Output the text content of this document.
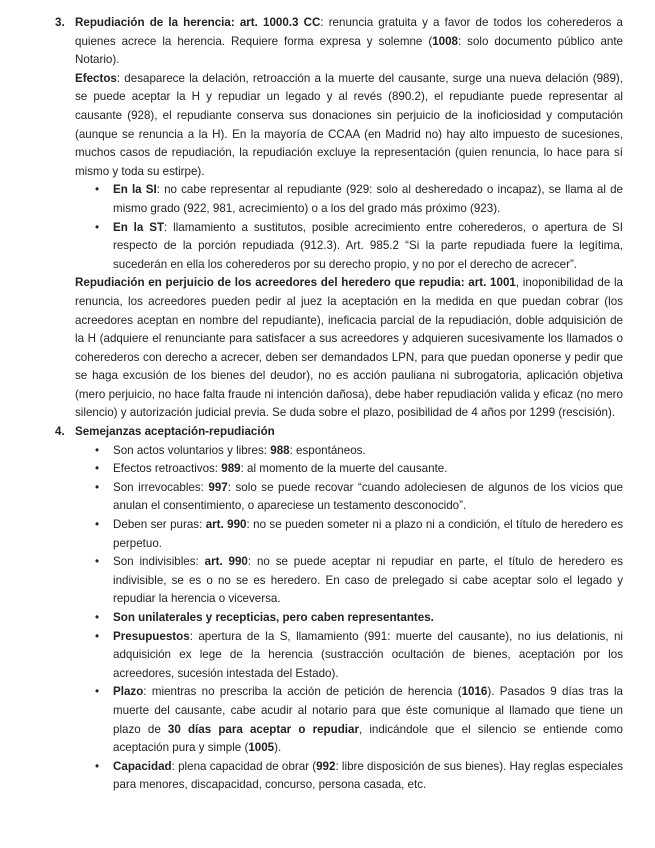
3. Repudiación de la herencia: art. 1000.3 CC: renuncia gratuita y a favor de todos los coherederos a quienes acrece la herencia. Requiere forma expresa y solemne (1008: solo documento público ante Notario).

Efectos: desaparece la delación, retroacción a la muerte del causante, surge una nueva delación (989), se puede aceptar la H y repudiar un legado y al revés (890.2), el repudiante puede representar al causante (928), el repudiante conserva sus donaciones sin perjuicio de la inoficiosidad y computación (aunque se renuncia a la H). En la mayoría de CCAA (en Madrid no) hay alto impuesto de sucesiones, muchos casos de repudiación, la repudiación excluye la representación (quien renuncia, lo hace para sí mismo y toda su estirpe).

• En la SI: no cabe representar al repudiante (929: solo al desheredado o incapaz), se llama al de mismo grado (922, 981, acrecimiento) o a los del grado más próximo (923).
• En la ST: llamamiento a sustitutos, posible acrecimiento entre coherederos, o apertura de SI respecto de la porción repudiada (912.3). Art. 985.2 “Si la parte repudiada fuere la legítima, sucederán en ella los coherederos por su derecho propio, y no por el derecho de acrecer”.

Repudiación en perjuicio de los acreedores del heredero que repudia: art. 1001, inoponibilidad de la renuncia, los acreedores pueden pedir al juez la aceptación en la medida en que puedan cobrar (los acreedores aceptan en nombre del repudiante), ineficacia parcial de la repudiación, doble adquisición de la H (adquiere el renunciante para satisfacer a sus acreedores y adquieren sucesivamente los llamados o coherederos con derecho a acrecer, deben ser demandados LPN, para que puedan oponerse y pedir que se haga excusión de los bienes del deudor), no es acción pauliana ni subrogatoria, aplicación objetiva (mero perjuicio, no hace falta fraude ni intención dañosa), debe haber repudiación valida y eficaz (no mero silencio) y autorización judicial previa. Se duda sobre el plazo, posibilidad de 4 años por 1299 (rescisión).

4. Semejanzas aceptación-repudiación

• Son actos voluntarios y libres: 988: espontáneos.
• Efectos retroactivos: 989: al momento de la muerte del causante.
• Son irrevocables: 997: solo se puede recovar “cuando adoleciesen de algunos de los vicios que anulan el consentimiento, o apareciese un testamento desconocido”.
• Deben ser puras: art. 990: no se pueden someter ni a plazo ni a condición, el título de heredero es perpetuo.
• Son indivisibles: art. 990: no se puede aceptar ni repudiar en parte, el título de heredero es indivisible, se es o no se es heredero. En caso de prelegado si cabe aceptar solo el legado y repudiar la herencia o viceversa.
• Son unilaterales y recepticias, pero caben representantes.
• Presupuestos: apertura de la S, llamamiento (991: muerte del causante), no ius delationis, ni adquisición ex lege de la herencia (sustracción ocultación de bienes, aceptación por los acreedores, sucesión intestada del Estado).
• Plazo: mientras no prescriba la acción de petición de herencia (1016). Pasados 9 días tras la muerte del causante, cabe acudir al notario para que éste comunique al llamado que tiene un plazo de 30 días para aceptar o repudiar, indicándole que el silencio se entiende como aceptación pura y simple (1005).
• Capacidad: plena capacidad de obrar (992: libre disposición de sus bienes). Hay reglas especiales para menores, discapacidad, concurso, persona casada, etc.
